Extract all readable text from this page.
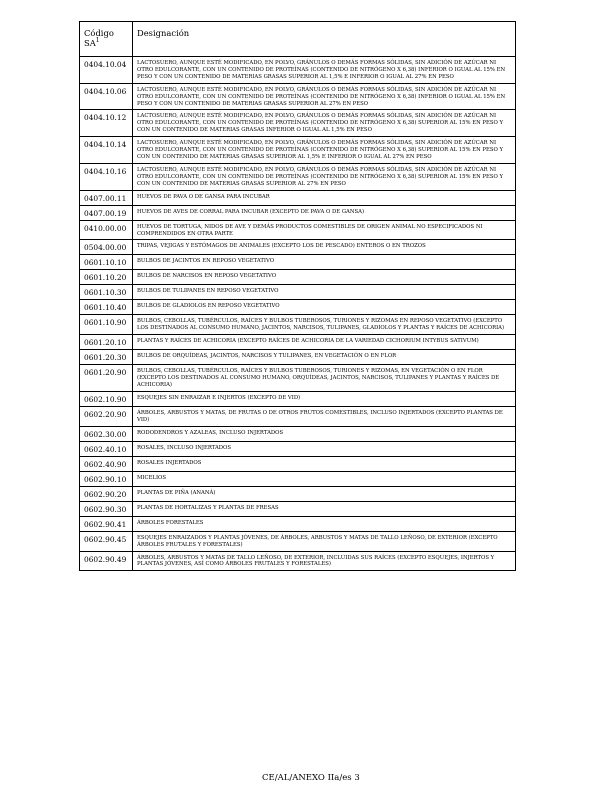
Código $SA^1$	Designación
0404.10.04	LACTOSUERO, AUNQUE ESTÉ MODIFICADO, EN POLVO, GRÁNULOS O DEMÁS FORMAS SÓLIDAS, SIN ADICIÓN DE AZÚCAR NI OTRO EDULCORANTE, CON UN CONTENIDO DE PROTEÍNAS (CONTENIDO DE NITRÓGENO X 6,38) INFERIOR O IGUAL AL 15% EN PESO Y CON UN CONTENIDO DE MATERIAS GRASAS SUPERIOR AL 1,5% E INFERIOR O IGUAL AL 27% EN PESO
0404.10.06	LACTOSUERO, AUNQUE ESTÉ MODIFICADO, EN POLVO, GRÁNULOS O DEMÁS FORMAS SÓLIDAS, SIN ADICIÓN DE AZÚCAR NI OTRO EDULCORANTE, CON UN CONTENIDO DE PROTEÍNAS (CONTENIDO DE NITRÓGENO X 6,38) INFERIOR O IGUAL AL 15% EN PESO Y CON UN CONTENIDO DE MATERIAS GRASAS SUPERIOR AL 27% EN PESO
0404.10.12	LACTOSUERO, AUNQUE ESTÉ MODIFICADO, EN POLVO, GRÁNULOS O DEMÁS FORMAS SÓLIDAS, SIN ADICIÓN DE AZÚCAR NI OTRO EDULCORANTE, CON UN CONTENIDO DE PROTEÍNAS (CONTENIDO DE NITRÓGENO X 6,38) SUPERIOR AL 15% EN PESO Y CON UN CONTENIDO DE MATERIAS GRASAS INFERIOR O IGUAL AL 1,5% EN PESO
0404.10.14	LACTOSUERO, AUNQUE ESTÉ MODIFICADO, EN POLVO, GRÁNULOS O DEMÁS FORMAS SÓLIDAS, SIN ADICIÓN DE AZÚCAR NI OTRO EDULCORANTE, CON UN CONTENIDO DE PROTEÍNAS (CONTENIDO DE NITRÓGENO X 6,38) SUPERIOR AL 15% EN PESO Y CON UN CONTENIDO DE MATERIAS GRASAS SUPERIOR AL 1,5% E INFERIOR O IGUAL AL 27% EN PESO
0404.10.16	LACTOSUERO, AUNQUE ESTÉ MODIFICADO, EN POLVO, GRÁNULOS O DEMÁS FORMAS SÓLIDAS, SIN ADICIÓN DE AZÚCAR NI OTRO EDULCORANTE, CON UN CONTENIDO DE PROTEÍNAS (CONTENIDO DE NITRÓGENO X 6,38) SUPERIOR AL 15% EN PESO Y CON UN CONTENIDO DE MATERIAS GRASAS SUPERIOR AL 27% EN PESO
0407.00.11	HUEVOS DE PAVA O DE GANSA PARA INCUBAR
0407.00.19	HUEVOS DE AVES DE CORRAL PARA INCUBAR (EXCEPTO DE PAVA O DE GANSA)
0410.00.00	HUEVOS DE TORTUGA, NIDOS DE AVE Y DEMÁS PRODUCTOS COMESTIBLES DE ORIGEN ANIMAL NO ESPECIFICADOS NI COMPRENDIDOS EN OTRA PARTE
0504.00.00	TRIPAS, VEJIGAS Y ESTÓMAGOS DE ANIMALES (EXCEPTO LOS DE PESCADO) ENTEROS O EN TROZOS
0601.10.10	BULBOS DE JACINTOS EN REPOSO VEGETATIVO
0601.10.20	BULBOS DE NARCISOS EN REPOSO VEGETATIVO
0601.10.30	BULBOS DE TULIPANES EN REPOSO VEGETATIVO
0601.10.40	BULBOS DE GLADIOLOS EN REPOSO VEGETATIVO
0601.10.90	BULBOS, CEBOLLAS, TUBÉRCULOS, RAÍCES Y BULBOS TUBEROSOS, TURIONES Y RIZOMAS EN REPOSO VEGETATIVO (EXCEPTO LOS DESTINADOS AL CONSUMO HUMANO, JACINTOS, NARCISOS, TULIPANES, GLADIOLOS Y PLANTAS Y RAÍCES DE ACHICORIA)
0601.20.10	PLANTAS Y RAÍCES DE ACHICORIA (EXCEPTO RAÍCES DE ACHICORIA DE LA VARIEDAD CICHORIUM INTYBUS SATIVUM)
0601.20.30	BULBOS DE ORQUÍDEAS, JACINTOS, NARCISOS Y TULIPANES, EN VEGETACIÓN O EN FLOR
0601.20.90	BULBOS, CEBOLLAS, TUBÉRCULOS, RAÍCES Y BULBOS TUBEROSOS, TURIONES Y RIZOMAS, EN VEGETACIÓN O EN FLOR (EXCEPTO LOS DESTINADOS AL CONSUMO HUMANO, ORQUÍDEAS, JACINTOS, NARCISOS, TULIPANES Y PLANTAS Y RAÍCES DE ACHICORIA)
0602.10.90	ESQUEJES SIN ENRAIZAR E INJERTOS (EXCEPTO DE VID)
0602.20.90	ÁRBOLES, ARBUSTOS Y MATAS, DE FRUTAS O DE OTROS FRUTOS COMESTIBLES, INCLUSO INJERTADOS (EXCEPTO PLANTAS DE VID)
0602.30.00	RODODENDROS Y AZALEAS, INCLUSO INJERTADOS
0602.40.10	ROSALES, INCLUSO INJERTADOS
0602.40.90	ROSALES INJERTADOS
0602.90.10	MICELIOS
0602.90.20	PLANTAS DE PIÑA (ANANÁ)
0602.90.30	PLANTAS DE HORTALIZAS Y PLANTAS DE FRESAS
0602.90.41	ÁRBOLES FORESTALES
0602.90.45	ESQUEJES ENRAIZADOS Y PLANTAS JÓVENES, DE ÁRBOLES, ARBUSTOS Y MATAS DE TALLO LEÑOSO, DE EXTERIOR (EXCEPTO ÁRBOLES FRUTALES Y FORESTALES)
0602.90.49	ÁRBOLES, ARBUSTOS Y MATAS DE TALLO LEÑOSO, DE EXTERIOR, INCLUIDAS SUS RAÍCES (EXCEPTO ESQUEJES, INJERTOS Y PLANTAS JÓVENES, ASÍ COMO ÁRBOLES FRUTALES Y FORESTALES)
CE/AL/ANEXO IIa/es 3
